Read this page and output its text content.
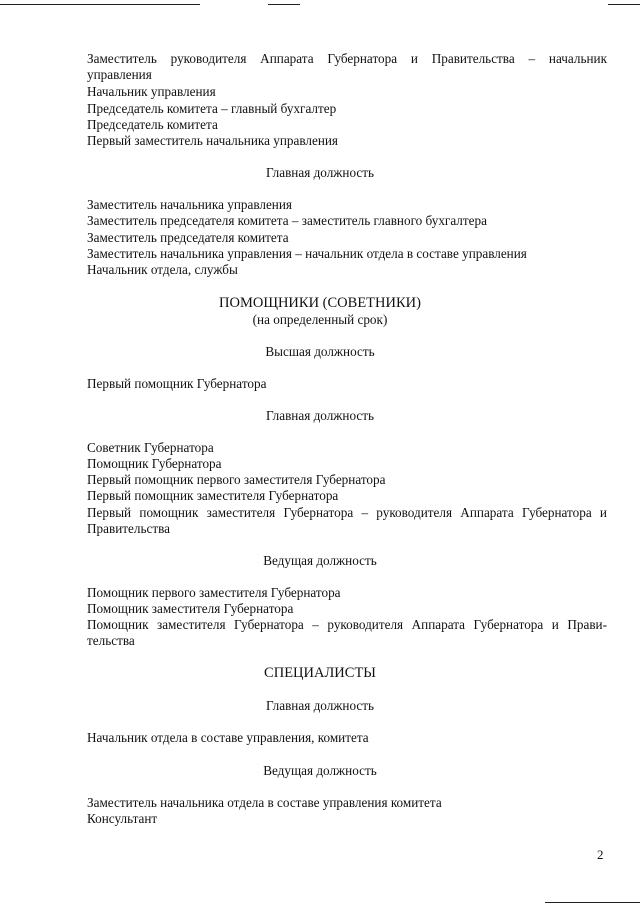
Заместитель руководителя Аппарата Губернатора и Правительства – начальник
управления
Начальник управления
Председатель комитета – главный бухгалтер
Председатель комитета
Первый заместитель начальника управления
Главная должность
Заместитель начальника управления
Заместитель председателя комитета – заместитель главного бухгалтера
Заместитель председателя комитета
Заместитель начальника управления – начальник отдела в составе управления
Начальник отдела, службы
ПОМОЩНИКИ (СОВЕТНИКИ)
(на определенный срок)
Высшая должность
Первый помощник Губернатора
Главная должность
Советник Губернатора
Помощник Губернатора
Первый помощник первого заместителя Губернатора
Первый помощник заместителя Губернатора
Первый помощник заместителя Губернатора – руководителя Аппарата Губернатора и
Правительства
Ведущая должность
Помощник первого заместителя Губернатора
Помощник заместителя Губернатора
Помощник заместителя Губернатора – руководителя Аппарата Губернатора и Прави-
тельства
СПЕЦИАЛИСТЫ
Главная должность
Начальник отдела в составе управления, комитета
Ведущая должность
Заместитель начальника отдела в составе управления комитета
Консультант
2
